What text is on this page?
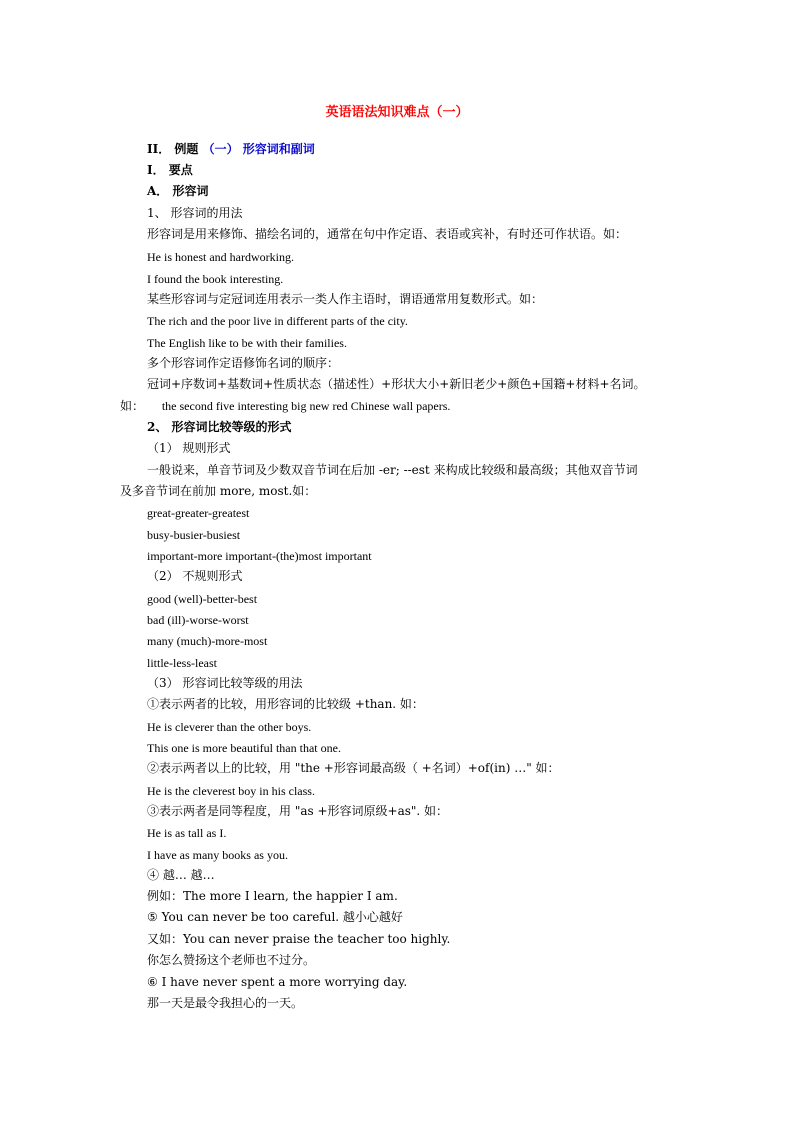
英语语法知识难点（一）
II． 例题 （一） 形容词和副词
I． 要点
A． 形容词
1、 形容词的用法
形容词是用来修饰、描绘名词的，通常在句中作定语、表语或宾补，有时还可作状语。如：
He is honest and hardworking.
I found the book interesting.
某些形容词与定冠词连用表示一类人作主语时，谓语通常用复数形式。如：
The rich and the poor live in different parts of the city.
The English like to be with their families.
多个形容词作定语修饰名词的顺序：
冠词+序数词+基数词+性质状态（描述性）+形状大小+新旧老少+颜色+国籍+材料+名词。
如： the second five interesting big new red Chinese wall papers.
2、 形容词比较等级的形式
（1） 规则形式
一般说来，单音节词及少数双音节词在后加 -er; --est 来构成比较级和最高级；其他双音节词
及多音节词在前加 more, most.如：
great-greater-greatest
busy-busier-busiest
important-more important-(the)most important
（2） 不规则形式
good (well)-better-best
bad (ill)-worse-worst
many (much)-more-most
little-less-least
（3） 形容词比较等级的用法
①表示两者的比较，用形容词的比较级 +than. 如：
He is cleverer than the other boys.
This one is more beautiful than that one.
②表示两者以上的比较，用 "the +形容词最高级（ +名词）+of(in) …" 如：
He is the cleverest boy in his class.
③表示两者是同等程度，用 "as +形容词原级+as". 如：
He is as tall as I.
I have as many books as you.
④ 越… 越…
例如：The more I learn, the happier I am.
⑤ You can never be too careful. 越小心越好
又如：You can never praise the teacher too highly.
你怎么赞扬这个老师也不过分。
⑥ I have never spent a more worrying day.
那一天是最令我担心的一天。
